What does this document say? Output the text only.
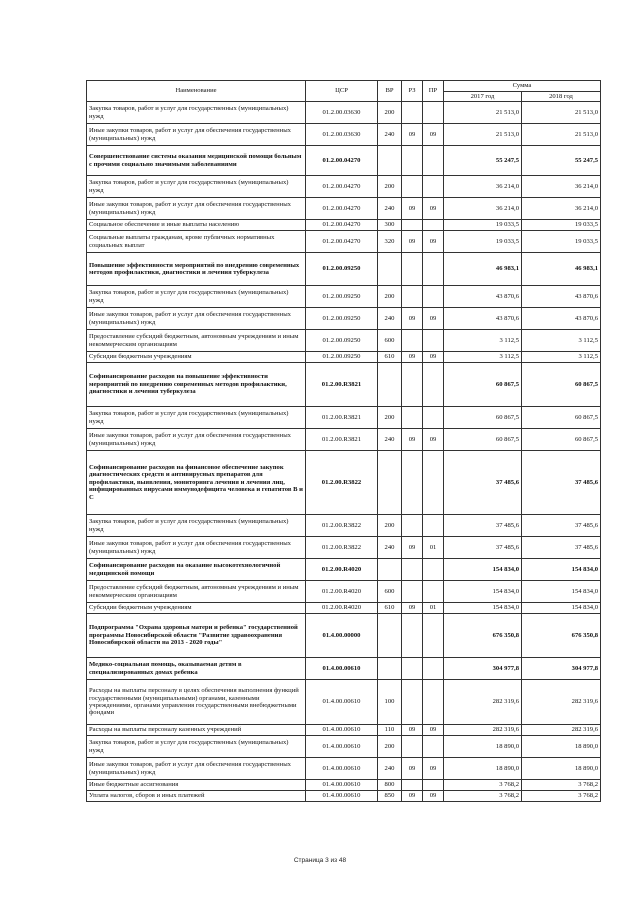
Наименование	ЦСР	ВР	РЗ	ПР	Сумма	
					2017 год	2018 год
Закупка товаров, работ и услуг для государственных (муниципальных) нужд	01.2.00.03630	200			21 513,0	21 513,0
Иные закупки товаров, работ и услуг для обеспечения государственных (муниципальных) нужд	01.2.00.03630	240	09	09	21 513,0	21 513,0
Совершенствование системы оказания медицинской помощи больным с прочими социально значимыми заболеваниями	01.2.00.04270				55 247,5	55 247,5
Закупка товаров, работ и услуг для государственных (муниципальных) нужд	01.2.00.04270	200			36 214,0	36 214,0
Иные закупки товаров, работ и услуг для обеспечения государственных (муниципальных) нужд	01.2.00.04270	240	09	09	36 214,0	36 214,0
Социальное обеспечение и иные выплаты населению	01.2.00.04270	300			19 033,5	19 033,5
Социальные выплаты гражданам, кроме публичных нормативных социальных выплат	01.2.00.04270	320	09	09	19 033,5	19 033,5
Повышение эффективности мероприятий по внедрению современных методов профилактики, диагностики и лечения туберкулеза	01.2.00.09250				46 983,1	46 983,1
Закупка товаров, работ и услуг для государственных (муниципальных) нужд	01.2.00.09250	200			43 870,6	43 870,6
Иные закупки товаров, работ и услуг для обеспечения государственных (муниципальных) нужд	01.2.00.09250	240	09	09	43 870,6	43 870,6
Предоставление субсидий бюджетным, автономным учреждениям и иным некоммерческим организациям	01.2.00.09250	600			3 112,5	3 112,5
Субсидии бюджетным учреждениям	01.2.00.09250	610	09	09	3 112,5	3 112,5
Софинансирование расходов на повышение эффективности мероприятий по внедрению современных методов профилактики, диагностики и лечения туберкулеза	01.2.00.R3821				60 867,5	60 867,5
Закупка товаров, работ и услуг для государственных (муниципальных) нужд	01.2.00.R3821	200			60 867,5	60 867,5
Иные закупки товаров, работ и услуг для обеспечения государственных (муниципальных) нужд	01.2.00.R3821	240	09	09	60 867,5	60 867,5
Софинансирование расходов на финансовое обеспечение закупок диагностических средств и антивирусных препаратов для профилактики, выявления, мониторинга лечения и лечения лиц, инфицированных вирусами иммунодефицита человека и гепатитов В и С	01.2.00.R3822				37 485,6	37 485,6
Закупка товаров, работ и услуг для государственных (муниципальных) нужд	01.2.00.R3822	200			37 485,6	37 485,6
Иные закупки товаров, работ и услуг для обеспечения государственных (муниципальных) нужд	01.2.00.R3822	240	09	01	37 485,6	37 485,6
Софинансирование расходов на оказание высокотехнологичной медицинской помощи	01.2.00.R4020				154 834,0	154 834,0
Предоставление субсидий бюджетным, автономным учреждениям и иным некоммерческим организациям	01.2.00.R4020	600			154 834,0	154 834,0
Субсидии бюджетным учреждениям	01.2.00.R4020	610	09	01	154 834,0	154 834,0
Подпрограмма "Охрана здоровья матери и ребенка" государственной программы Новосибирской области "Развитие здравоохранения Новосибирской области на 2013 - 2020 годы"	01.4.00.00000				676 350,8	676 350,8
Медико-социальная помощь, оказываемая детям в специализированных домах ребенка	01.4.00.00610				304 977,8	304 977,8
Расходы на выплаты персоналу в целях обеспечения выполнения функций государственными (муниципальными) органами, казенными учреждениями, органами управления государственными внебюджетными фондами	01.4.00.00610	100			282 319,6	282 319,6
Расходы на выплаты персоналу казенных учреждений	01.4.00.00610	110	09	09	282 319,6	282 319,6
Закупка товаров, работ и услуг для государственных (муниципальных) нужд	01.4.00.00610	200			18 890,0	18 890,0
Иные закупки товаров, работ и услуг для обеспечения государственных (муниципальных) нужд	01.4.00.00610	240	09	09	18 890,0	18 890,0
Иные бюджетные ассигнования	01.4.00.00610	800			3 768,2	3 768,2
Уплата налогов, сборов и иных платежей	01.4.00.00610	850	09	09	3 768,2	3 768,2
Страница 3 из 48
